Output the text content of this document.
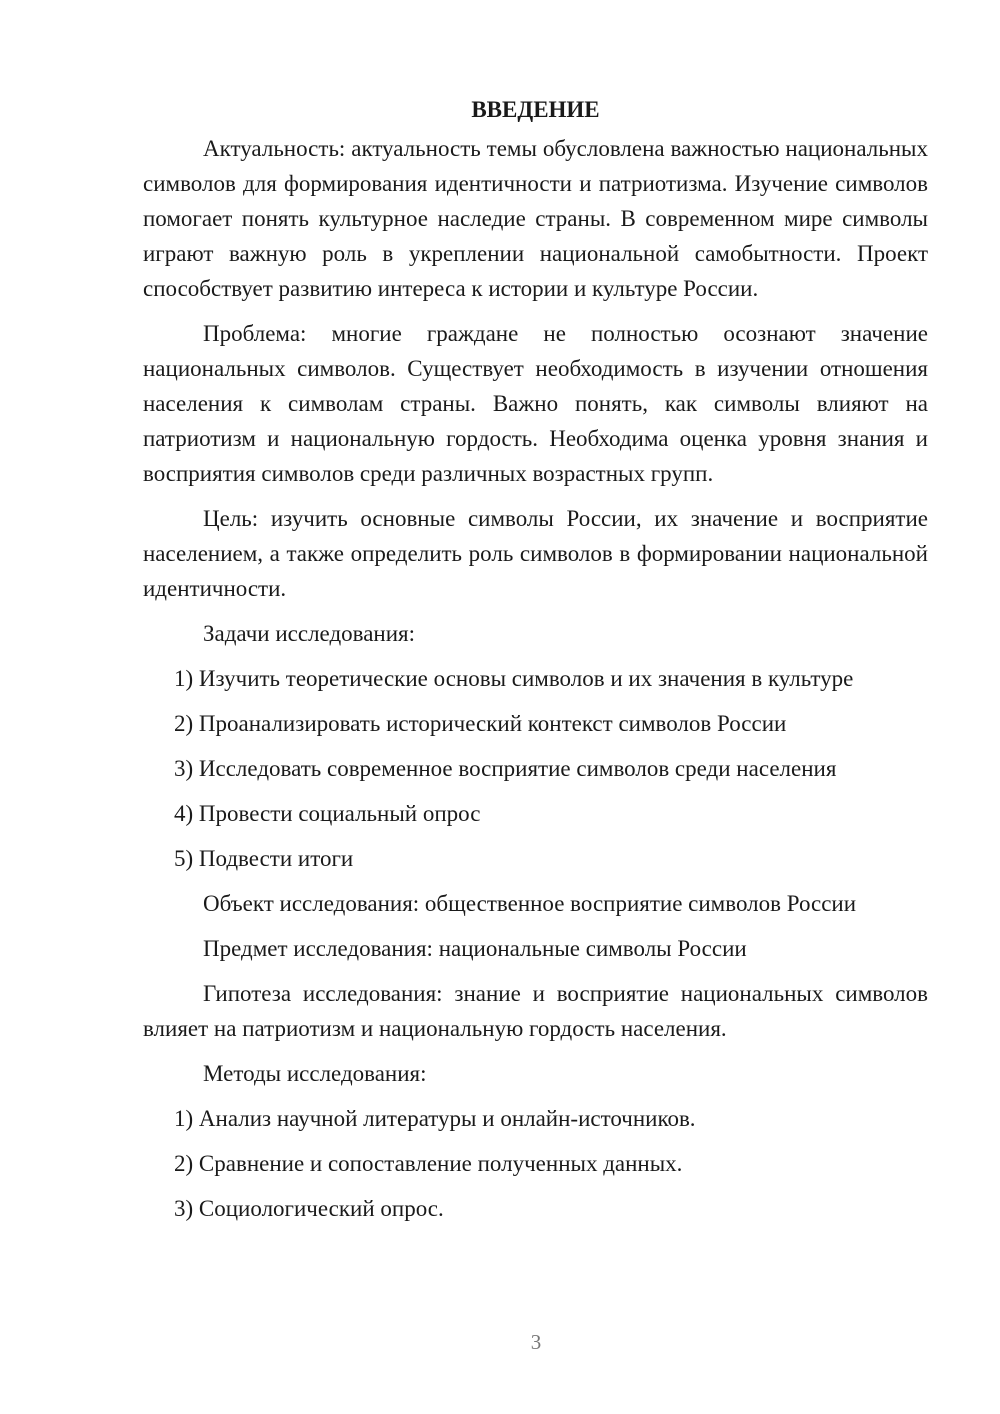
ВВЕДЕНИЕ

Актуальность: актуальность темы обусловлена важностью национальных символов для формирования идентичности и патриотизма. Изучение символов помогает понять культурное наследие страны. В современном мире символы играют важную роль в укреплении национальной самобытности. Проект способствует развитию интереса к истории и культуре России.

Проблема: многие граждане не полностью осознают значение национальных символов. Существует необходимость в изучении отношения населения к символам страны. Важно понять, как символы влияют на патриотизм и национальную гордость. Необходима оценка уровня знания и восприятия символов среди различных возрастных групп.

Цель: изучить основные символы России, их значение и восприятие населением, а также определить роль символов в формировании национальной идентичности.

Задачи исследования:

1) Изучить теоретические основы символов и их значения в культуре
2) Проанализировать исторический контекст символов России
3) Исследовать современное восприятие символов среди населения
4) Провести социальный опрос
5) Подвести итоги

Объект исследования: общественное восприятие символов России

Предмет исследования: национальные символы России

Гипотеза исследования: знание и восприятие национальных символов влияет на патриотизм и национальную гордость населения.

Методы исследования:

1) Анализ научной литературы и онлайн-источников.
2) Сравнение и сопоставление полученных данных.
3) Социологический опрос.
3
